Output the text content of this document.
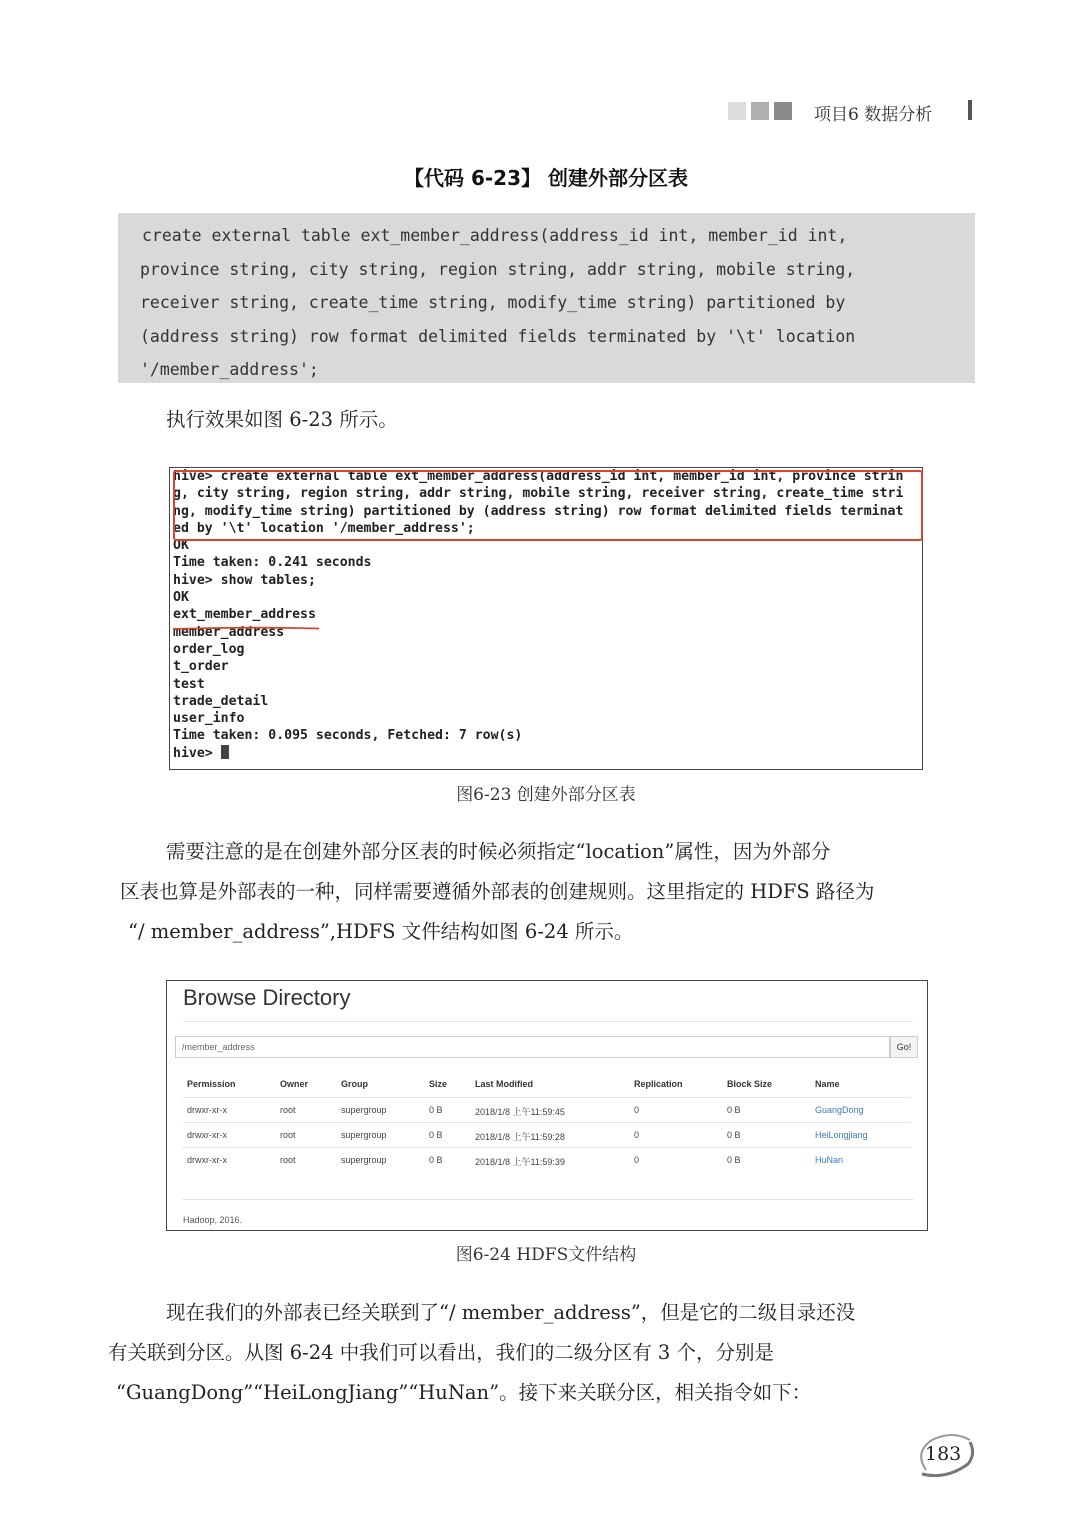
项目6 数据分析
【代码 6-23】 创建外部分区表
create external table ext_member_address(address_id int, member_id int,
province string, city string, region string, addr string, mobile string,
receiver string, create_time string, modify_time string) partitioned by
(address string) row format delimited fields terminated by '\t' location
'/member_address';
执行效果如图 6-23 所示。
hive> create external table ext_member_address(address_id int, member_id int, province strin
g, city string, region string, addr string, mobile string, receiver string, create_time stri
ng, modify_time string) partitioned by (address string) row format delimited fields terminat
ed by '\t' location '/member_address';
OK
Time taken: 0.241 seconds
hive> show tables;
OK
ext_member_address
member_address
order_log
t_order
test
trade_detail
user_info
Time taken: 0.095 seconds, Fetched: 7 row(s)
hive>
图6-23 创建外部分区表
需要注意的是在创建外部分区表的时候必须指定“location”属性，因为外部分
区表也算是外部表的一种，同样需要遵循外部表的创建规则。这里指定的 HDFS 路径为
“/ member_address”,HDFS 文件结构如图 6-24 所示。
Browse Directory
/member_address	Go!
Permission	Owner	Group	Size	Last Modified	Replication	Block Size	Name
drwxr-xr-x	root	supergroup	0 B	2018/1/8 上午11:59:45	0	0 B	GuangDong
drwxr-xr-x	root	supergroup	0 B	2018/1/8 上午11:59:28	0	0 B	HeiLongjiang
drwxr-xr-x	root	supergroup	0 B	2018/1/8 上午11:59:39	0	0 B	HuNan
Hadoop, 2016.
图6-24 HDFS文件结构
现在我们的外部表已经关联到了“/ member_address”，但是它的二级目录还没
有关联到分区。从图 6-24 中我们可以看出，我们的二级分区有 3 个，分别是
“GuangDong”“HeiLongJiang”“HuNan”。接下来关联分区，相关指令如下：
183
